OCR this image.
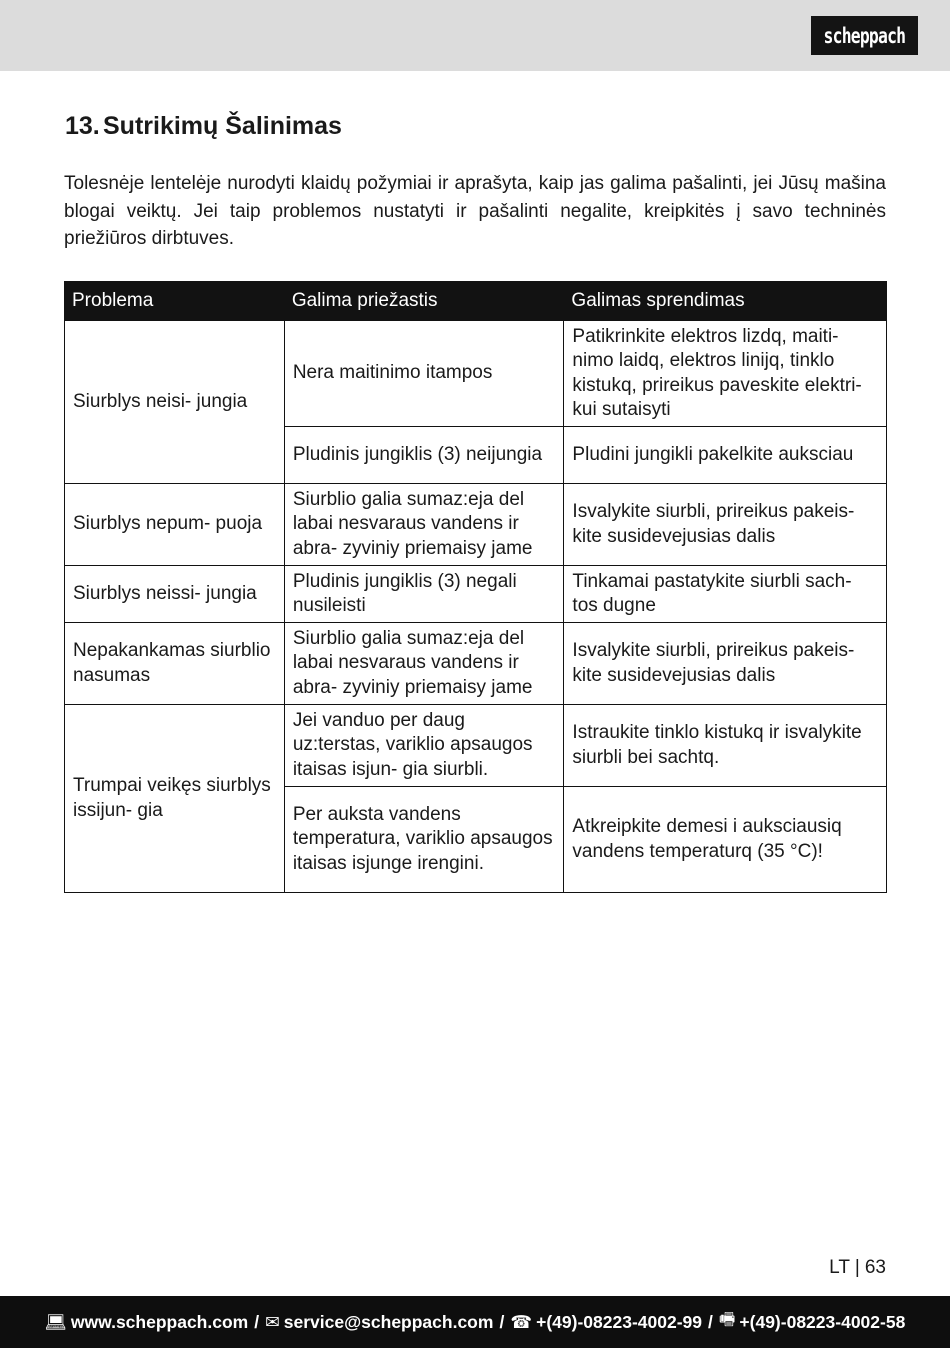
scheppach
13. Sutrikimų Šalinimas

Tolesnėje lentelėje nurodyti klaidų požymiai ir aprašyta, kaip jas galima pašalinti, jei Jūsų mašina blogai veiktų. Jei taip problemos nustatyti ir pašalinti negalite, kreipkitės į savo techninės priežiūros dirbtuves.

Problema	Galima priežastis	Galimas sprendimas
Siurblys neisi- jungia	Nera maitinimo itampos	Patikrinkite elektros lizdq, maiti- nimo laidq, elektros linijq, tinklo kistukq, prireikus paveskite elektri- kui sutaisyti
	Pludinis jungiklis (3) neijungia	Pludini jungikli pakelkite auksciau
Siurblys nepum- puoja	Siurblio galia sumaz:eja del labai nesvaraus vandens ir abra- zyviniy priemaisy jame	Isvalykite siurbli, prireikus pakeis- kite susidevejusias dalis
Siurblys neissi- jungia	Pludinis jungiklis (3) negali nusileisti	Tinkamai pastatykite siurbli sach- tos dugne
Nepakankamas siurblio nasumas	Siurblio galia sumaz:eja del labai nesvaraus vandens ir abra- zyviniy priemaisy jame	Isvalykite siurbli, prireikus pakeis- kite susidevejusias dalis
Trumpai veikęs siurblys issijun- gia	Jei vanduo per daug uz:terstas, variklio apsaugos itaisas isjun- gia siurbli.	Istraukite tinklo kistukq ir isvalykite siurbli bei sachtq.
	Per auksta vandens temperatura, variklio apsaugos itaisas isjunge irengini.	Atkreipkite demesi i auksciausiq vandens temperaturq (35 °C)!
LT | 63
💻︎ www.scheppach.com / ✉︎ service@scheppach.com / ☎︎ +(49)-08223-4002-99 / 🖷︎ +(49)-08223-4002-58
